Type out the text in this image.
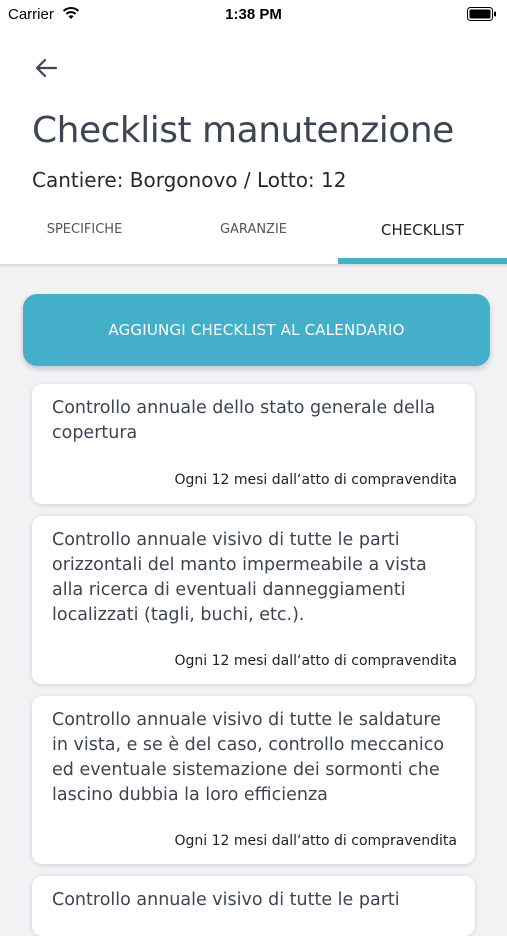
Carrier	1:38 PM
Checklist manutenzione
Cantiere: Borgonovo / Lotto: 12
SPECIFICHE	GARANZIE	CHECKLIST
AGGIUNGI CHECKLIST AL CALENDARIO
Controllo annuale dello stato generale della copertura
Ogni 12 mesi dall‘atto di compravendita
Controllo annuale visivo di tutte le parti orizzontali del manto impermeabile a vista alla ricerca di eventuali danneggiamenti localizzati (tagli, buchi, etc.).
Ogni 12 mesi dall‘atto di compravendita
Controllo annuale visivo di tutte le saldature in vista, e se è del caso, controllo meccanico ed eventuale sistemazione dei sormonti che lascino dubbia la loro efficienza
Ogni 12 mesi dall‘atto di compravendita
Controllo annuale visivo di tutte le parti
